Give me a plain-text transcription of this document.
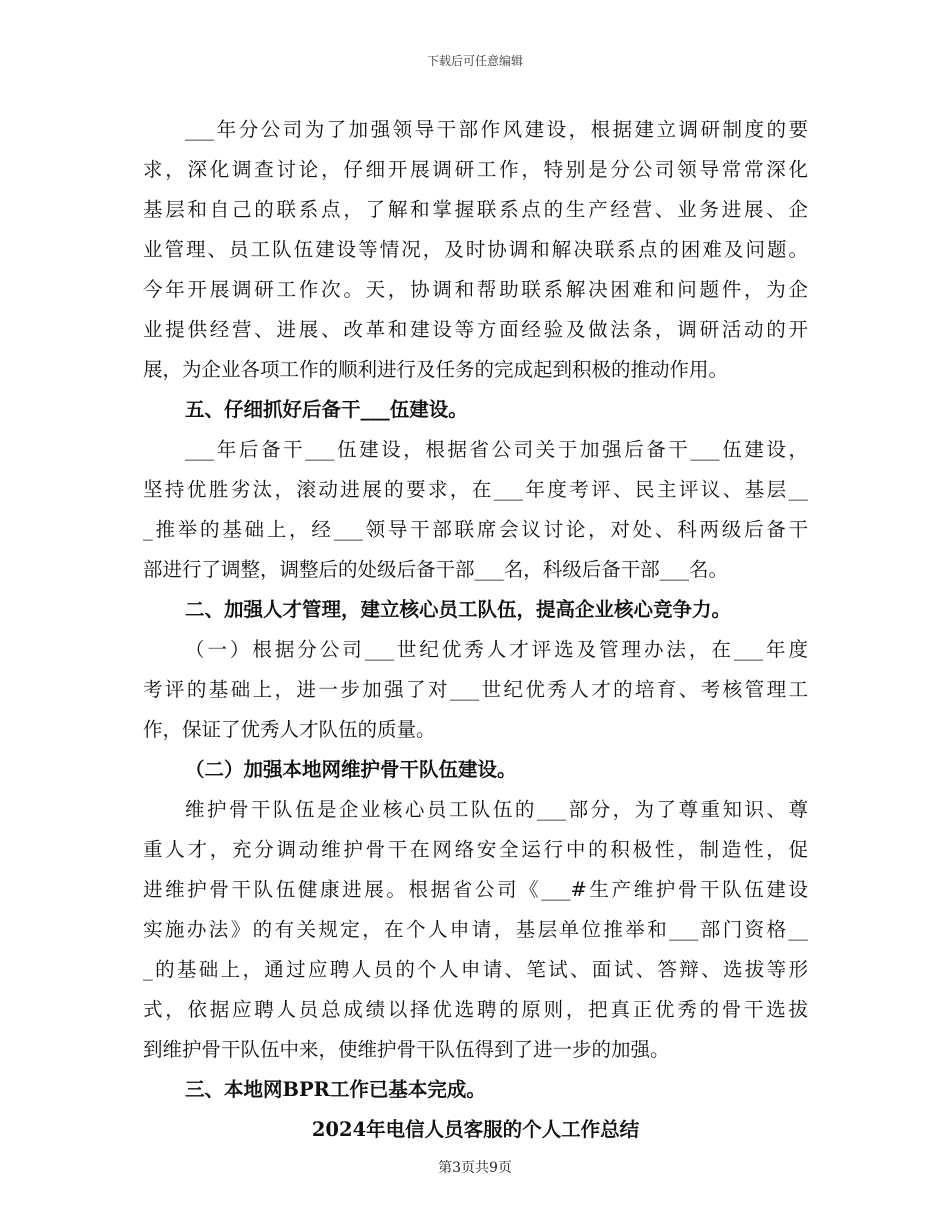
下载后可任意编辑
___年分公司为了加强领导干部作风建设，根据建立调研制度的要
求，深化调查讨论，仔细开展调研工作，特别是分公司领导常常深化
基层和自己的联系点，了解和掌握联系点的生产经营、业务进展、企
业管理、员工队伍建设等情况，及时协调和解决联系点的困难及问题。
今年开展调研工作次。天，协调和帮助联系解决困难和问题件，为企
业提供经营、进展、改革和建设等方面经验及做法条，调研活动的开
展，为企业各项工作的顺利进行及任务的完成起到积极的推动作用。
五、仔细抓好后备干___伍建设。
___年后备干___伍建设，根据省公司关于加强后备干___伍建设，
坚持优胜劣汰，滚动进展的要求，在___年度考评、民主评议、基层__
_推举的基础上，经___领导干部联席会议讨论，对处、科两级后备干
部进行了调整，调整后的处级后备干部___名，科级后备干部___名。
二、加强人才管理，建立核心员工队伍，提高企业核心竞争力。
（一）根据分公司___世纪优秀人才评选及管理办法，在___年度
考评的基础上，进一步加强了对___世纪优秀人才的培育、考核管理工
作，保证了优秀人才队伍的质量。
（二）加强本地网维护骨干队伍建设。
维护骨干队伍是企业核心员工队伍的___部分，为了尊重知识、尊
重人才，充分调动维护骨干在网络安全运行中的积极性，制造性，促
进维护骨干队伍健康进展。根据省公司《___#生产维护骨干队伍建设
实施办法》的有关规定，在个人申请，基层单位推举和___部门资格__
_的基础上，通过应聘人员的个人申请、笔试、面试、答辩、选拔等形
式，依据应聘人员总成绩以择优选聘的原则，把真正优秀的骨干选拔
到维护骨干队伍中来，使维护骨干队伍得到了进一步的加强。
三、本地网BPR工作已基本完成。
2024年电信人员客服的个人工作总结
第3页共9页
